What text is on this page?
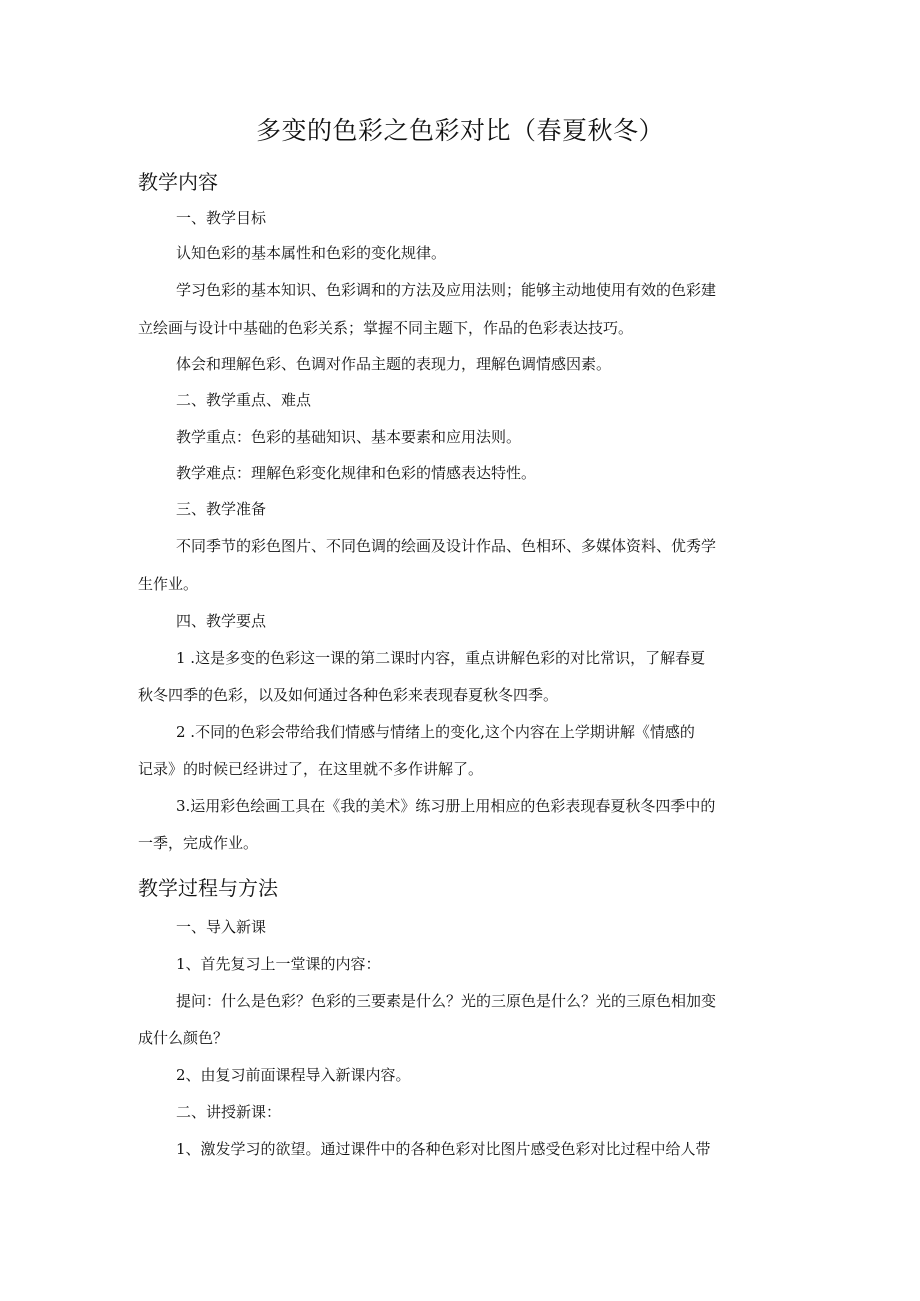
多变的色彩之色彩对比（春夏秋冬）
教学内容
一、教学目标
认知色彩的基本属性和色彩的变化规律。
学习色彩的基本知识、色彩调和的方法及应用法则；能够主动地使用有效的色彩建
立绘画与设计中基础的色彩关系；掌握不同主题下，作品的色彩表达技巧。
体会和理解色彩、色调对作品主题的表现力，理解色调情感因素。
二、教学重点、难点
教学重点：色彩的基础知识、基本要素和应用法则。
教学难点：理解色彩变化规律和色彩的情感表达特性。
三、教学准备
不同季节的彩色图片、不同色调的绘画及设计作品、色相环、多媒体资料、优秀学
生作业。
四、教学要点
1 .这是多变的色彩这一课的第二课时内容，重点讲解色彩的对比常识，了解春夏
秋冬四季的色彩，以及如何通过各种色彩来表现春夏秋冬四季。
2 .不同的色彩会带给我们情感与情绪上的变化,这个内容在上学期讲解《情感的
记录》的时候已经讲过了，在这里就不多作讲解了。
3.运用彩色绘画工具在《我的美术》练习册上用相应的色彩表现春夏秋冬四季中的
一季，完成作业。
教学过程与方法
一、导入新课
1、首先复习上一堂课的内容：
提问：什么是色彩？色彩的三要素是什么？光的三原色是什么？光的三原色相加变
成什么颜色？
2、由复习前面课程导入新课内容。
二、讲授新课：
1、激发学习的欲望。通过课件中的各种色彩对比图片感受色彩对比过程中给人带
